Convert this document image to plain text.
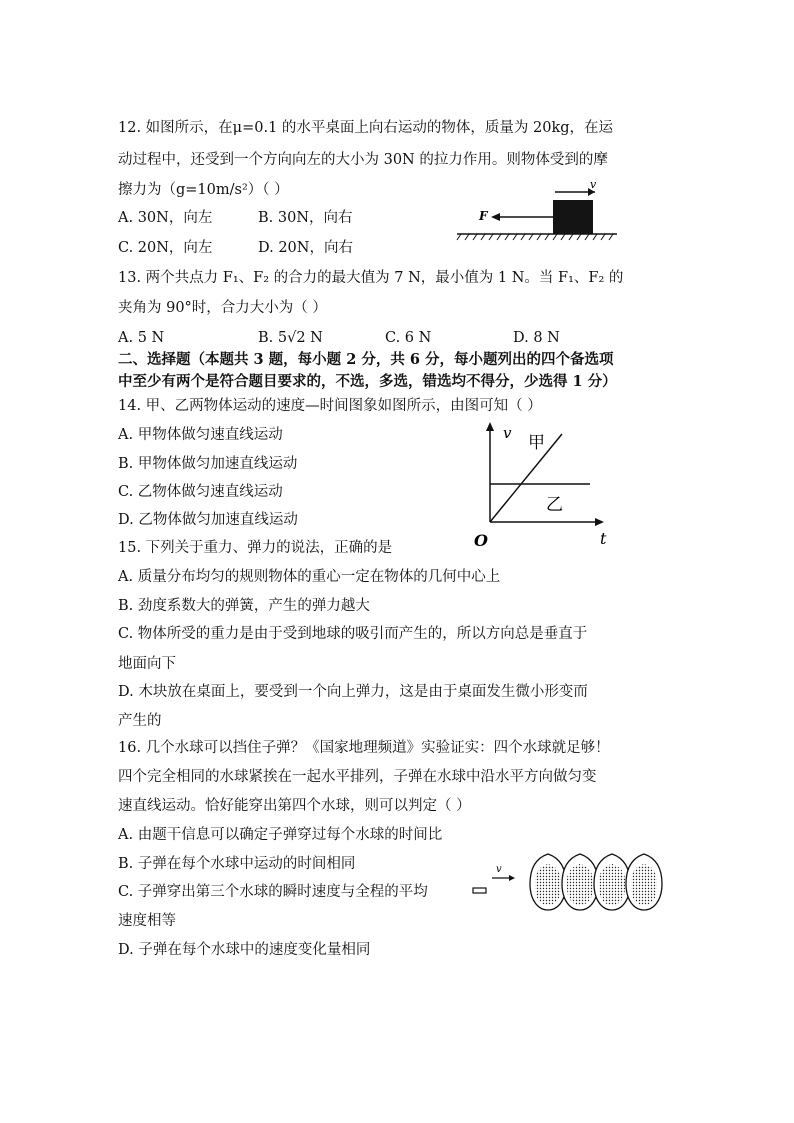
12. 如图所示，在μ=0.1 的水平桌面上向右运动的物体，质量为 20kg，在运
动过程中，还受到一个方向向左的大小为 30N 的拉力作用。则物体受到的摩
擦力为（g=10m/s²）（ ）
A. 30N，向左	B. 30N，向右
C. 20N，向左	D. 20N，向右
v
F
13. 两个共点力 F₁、F₂ 的合力的最大值为 7 N，最小值为 1 N。当 F₁、F₂ 的
夹角为 90°时，合力大小为（ ）
A. 5 N	B. 5√2 N	C. 6 N	D. 8 N
二、选择题（本题共 3 题，每小题 2 分，共 6 分，每小题列出的四个备选项
中至少有两个是符合题目要求的，不选，多选，错选均不得分，少选得 1 分）
14. 甲、乙两物体运动的速度—时间图象如图所示，由图可知（ ）
A. 甲物体做匀速直线运动
B. 甲物体做匀加速直线运动
C. 乙物体做匀速直线运动
D. 乙物体做匀加速直线运动
v
t
O
甲
乙
15. 下列关于重力、弹力的说法，正确的是
A. 质量分布均匀的规则物体的重心一定在物体的几何中心上
B. 劲度系数大的弹簧，产生的弹力越大
C. 物体所受的重力是由于受到地球的吸引而产生的，所以方向总是垂直于
地面向下
D. 木块放在桌面上，要受到一个向上弹力，这是由于桌面发生微小形变而
产生的
16. 几个水球可以挡住子弹？《国家地理频道》实验证实：四个水球就足够！
四个完全相同的水球紧挨在一起水平排列，子弹在水球中沿水平方向做匀变
速直线运动。恰好能穿出第四个水球，则可以判定（ ）
A. 由题干信息可以确定子弹穿过每个水球的时间比
B. 子弹在每个水球中运动的时间相同
C. 子弹穿出第三个水球的瞬时速度与全程的平均
速度相等
D. 子弹在每个水球中的速度变化量相同
v
